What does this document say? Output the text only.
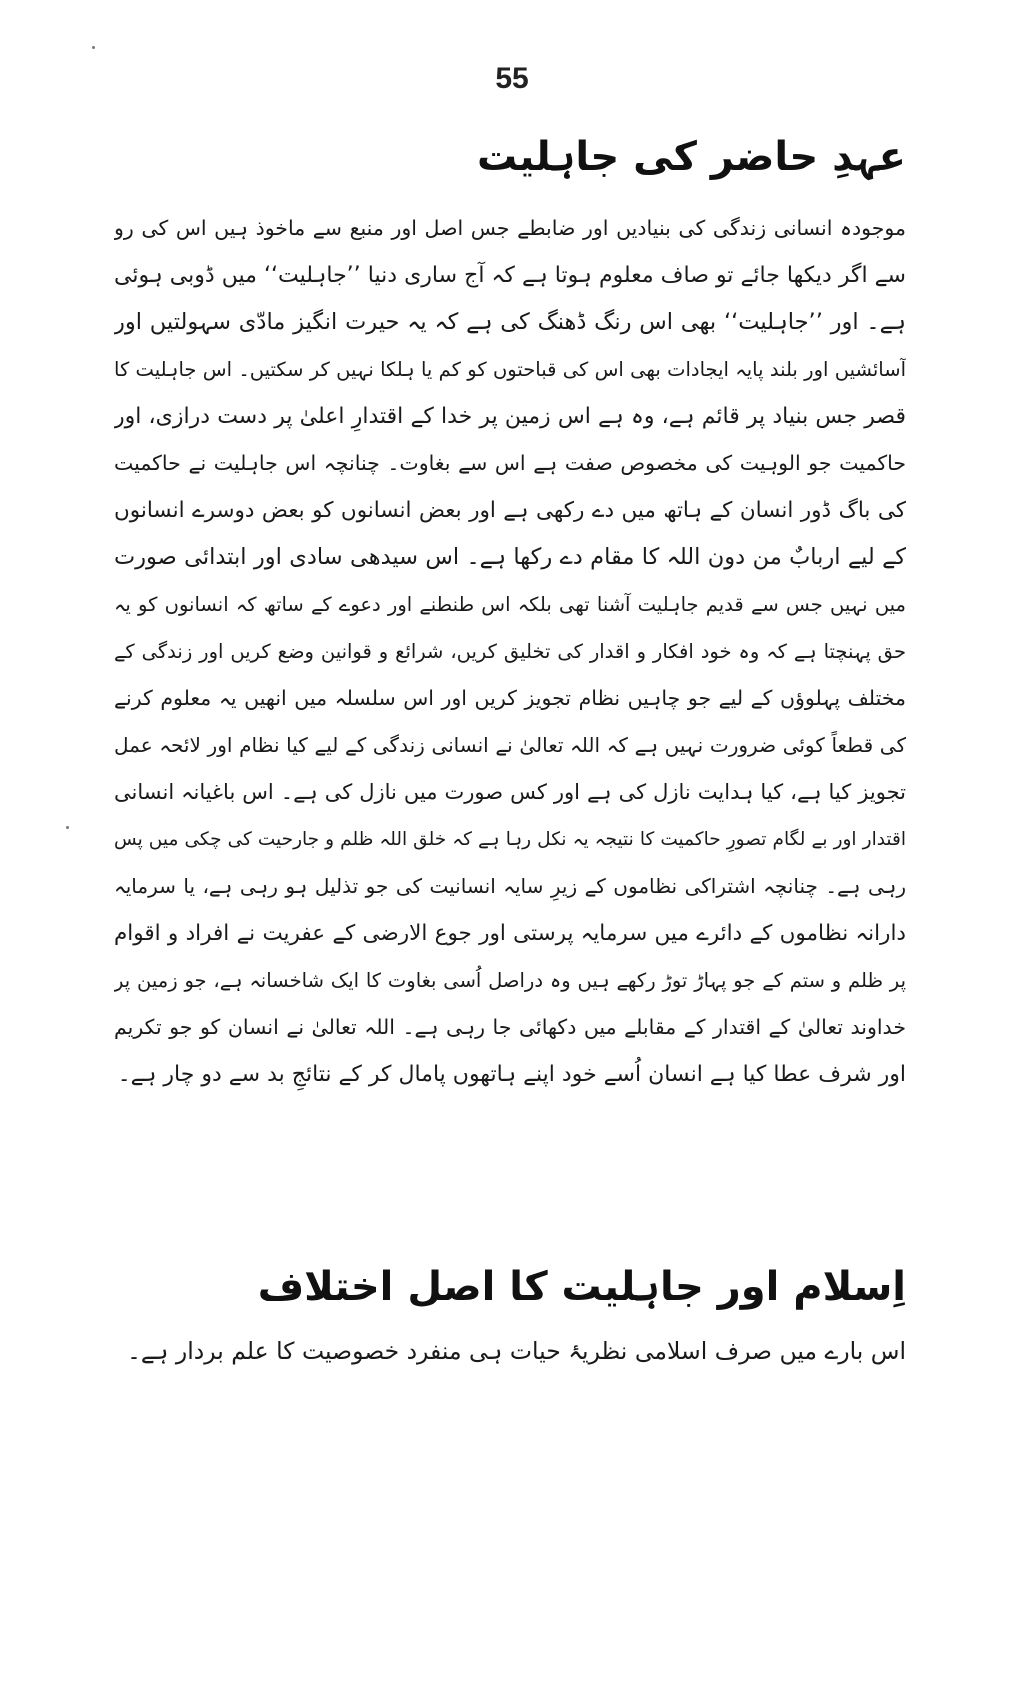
55
عہدِ حاضر کی جاہلیت
موجودہ انسانی زندگی کی بنیادیں اور ضابطے جس اصل اور منبع سے ماخوذ ہیں اس کی رو
سے اگر دیکھا جائے تو صاف معلوم ہوتا ہے کہ آج ساری دنیا ’’جاہلیت‘‘ میں ڈوبی ہوئی
ہے۔ اور ’’جاہلیت‘‘ بھی اس رنگ ڈھنگ کی ہے کہ یہ حیرت انگیز مادّی سہولتیں اور
آسائشیں اور بلند پایہ ایجادات بھی اس کی قباحتوں کو کم یا ہلکا نہیں کر سکتیں۔ اس جاہلیت کا
قصر جس بنیاد پر قائم ہے، وہ ہے اس زمین پر خدا کے اقتدارِ اعلیٰ پر دست درازی، اور
حاکمیت جو الوہیت کی مخصوص صفت ہے اس سے بغاوت۔ چنانچہ اس جاہلیت نے حاکمیت
کی باگ ڈور انسان کے ہاتھ میں دے رکھی ہے اور بعض انسانوں کو بعض دوسرے انسانوں
کے لیے اربابٌ من دون اللہ کا مقام دے رکھا ہے۔ اس سیدھی سادی اور ابتدائی صورت
میں نہیں جس سے قدیم جاہلیت آشنا تھی بلکہ اس طنطنے اور دعوے کے ساتھ کہ انسانوں کو یہ
حق پہنچتا ہے کہ وہ خود افکار و اقدار کی تخلیق کریں، شرائع و قوانین وضع کریں اور زندگی کے
مختلف پہلوؤں کے لیے جو چاہیں نظام تجویز کریں اور اس سلسلہ میں انھیں یہ معلوم کرنے
کی قطعاً کوئی ضرورت نہیں ہے کہ اللہ تعالیٰ نے انسانی زندگی کے لیے کیا نظام اور لائحہ عمل
تجویز کیا ہے، کیا ہدایت نازل کی ہے اور کس صورت میں نازل کی ہے۔ اس باغیانہ انسانی
اقتدار اور بے لگام تصورِ حاکمیت کا نتیجہ یہ نکل رہا ہے کہ خلق اللہ ظلم و جارحیت کی چکی میں پس
رہی ہے۔ چنانچہ اشتراکی نظاموں کے زیرِ سایہ انسانیت کی جو تذلیل ہو رہی ہے، یا سرمایہ
دارانہ نظاموں کے دائرے میں سرمایہ پرستی اور جوع الارضی کے عفریت نے افراد و اقوام
پر ظلم و ستم کے جو پہاڑ توڑ رکھے ہیں وہ دراصل اُسی بغاوت کا ایک شاخسانہ ہے، جو زمین پر
خداوند تعالیٰ کے اقتدار کے مقابلے میں دکھائی جا رہی ہے۔ اللہ تعالیٰ نے انسان کو جو تکریم
اور شرف عطا کیا ہے انسان اُسے خود اپنے ہاتھوں پامال کر کے نتائجِ بد سے دو چار ہے۔
اِسلام اور جاہلیت کا اصل اختلاف
اس بارے میں صرف اسلامی نظریۂ حیات ہی منفرد خصوصیت کا علم بردار ہے۔
